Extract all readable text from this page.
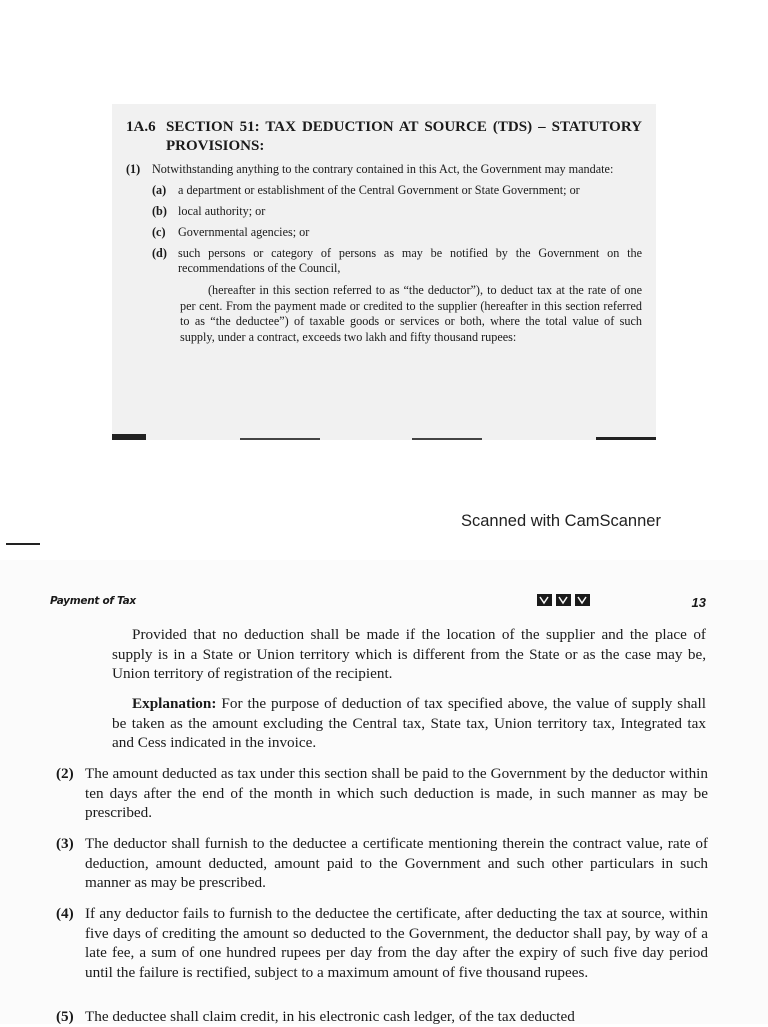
1A.6 SECTION 51: TAX DEDUCTION AT SOURCE (TDS) – STATUTORY PROVISIONS:
(1) Notwithstanding anything to the contrary contained in this Act, the Government may mandate:
(a) a department or establishment of the Central Government or State Government; or
(b) local authority; or
(c)	Governmental agencies; or
(d) such persons or category of persons as may be notified by the Government on the recommendations of the Council,
(hereafter in this section referred to as “the deductor”), to deduct tax at the rate of one per cent. From the payment made or credited to the supplier (hereafter in this section referred to as “the deductee”) of taxable goods or services or both, where the total value of such supply, under a contract, exceeds two lakh and fifty thousand rupees:
Scanned with CamScanner
Payment of Tax	13
Provided that no deduction shall be made if the location of the supplier and the place of supply is in a State or Union territory which is different from the State or as the case may be, Union territory of registration of the recipient.
Explanation: For the purpose of deduction of tax specified above, the value of supply shall be taken as the amount excluding the Central tax, State tax, Union territory tax, Integrated tax and Cess indicated in the invoice.
(2) The amount deducted as tax under this section shall be paid to the Government by the deductor within ten days after the end of the month in which such deduction is made, in such manner as may be prescribed.
(3) The deductor shall furnish to the deductee a certificate mentioning therein the contract value, rate of deduction, amount deducted, amount paid to the Government and such other particulars in such manner as may be prescribed.
(4) If any deductor fails to furnish to the deductee the certificate, after deducting the tax at source, within five days of crediting the amount so deducted to the Government, the deductor shall pay, by way of a late fee, a sum of one hundred rupees per day from the day after the expiry of such five day period until the failure is rectified, subject to a maximum amount of five thousand rupees.
(5) The deductee shall claim credit, in his electronic cash ledger, of the tax deducted
